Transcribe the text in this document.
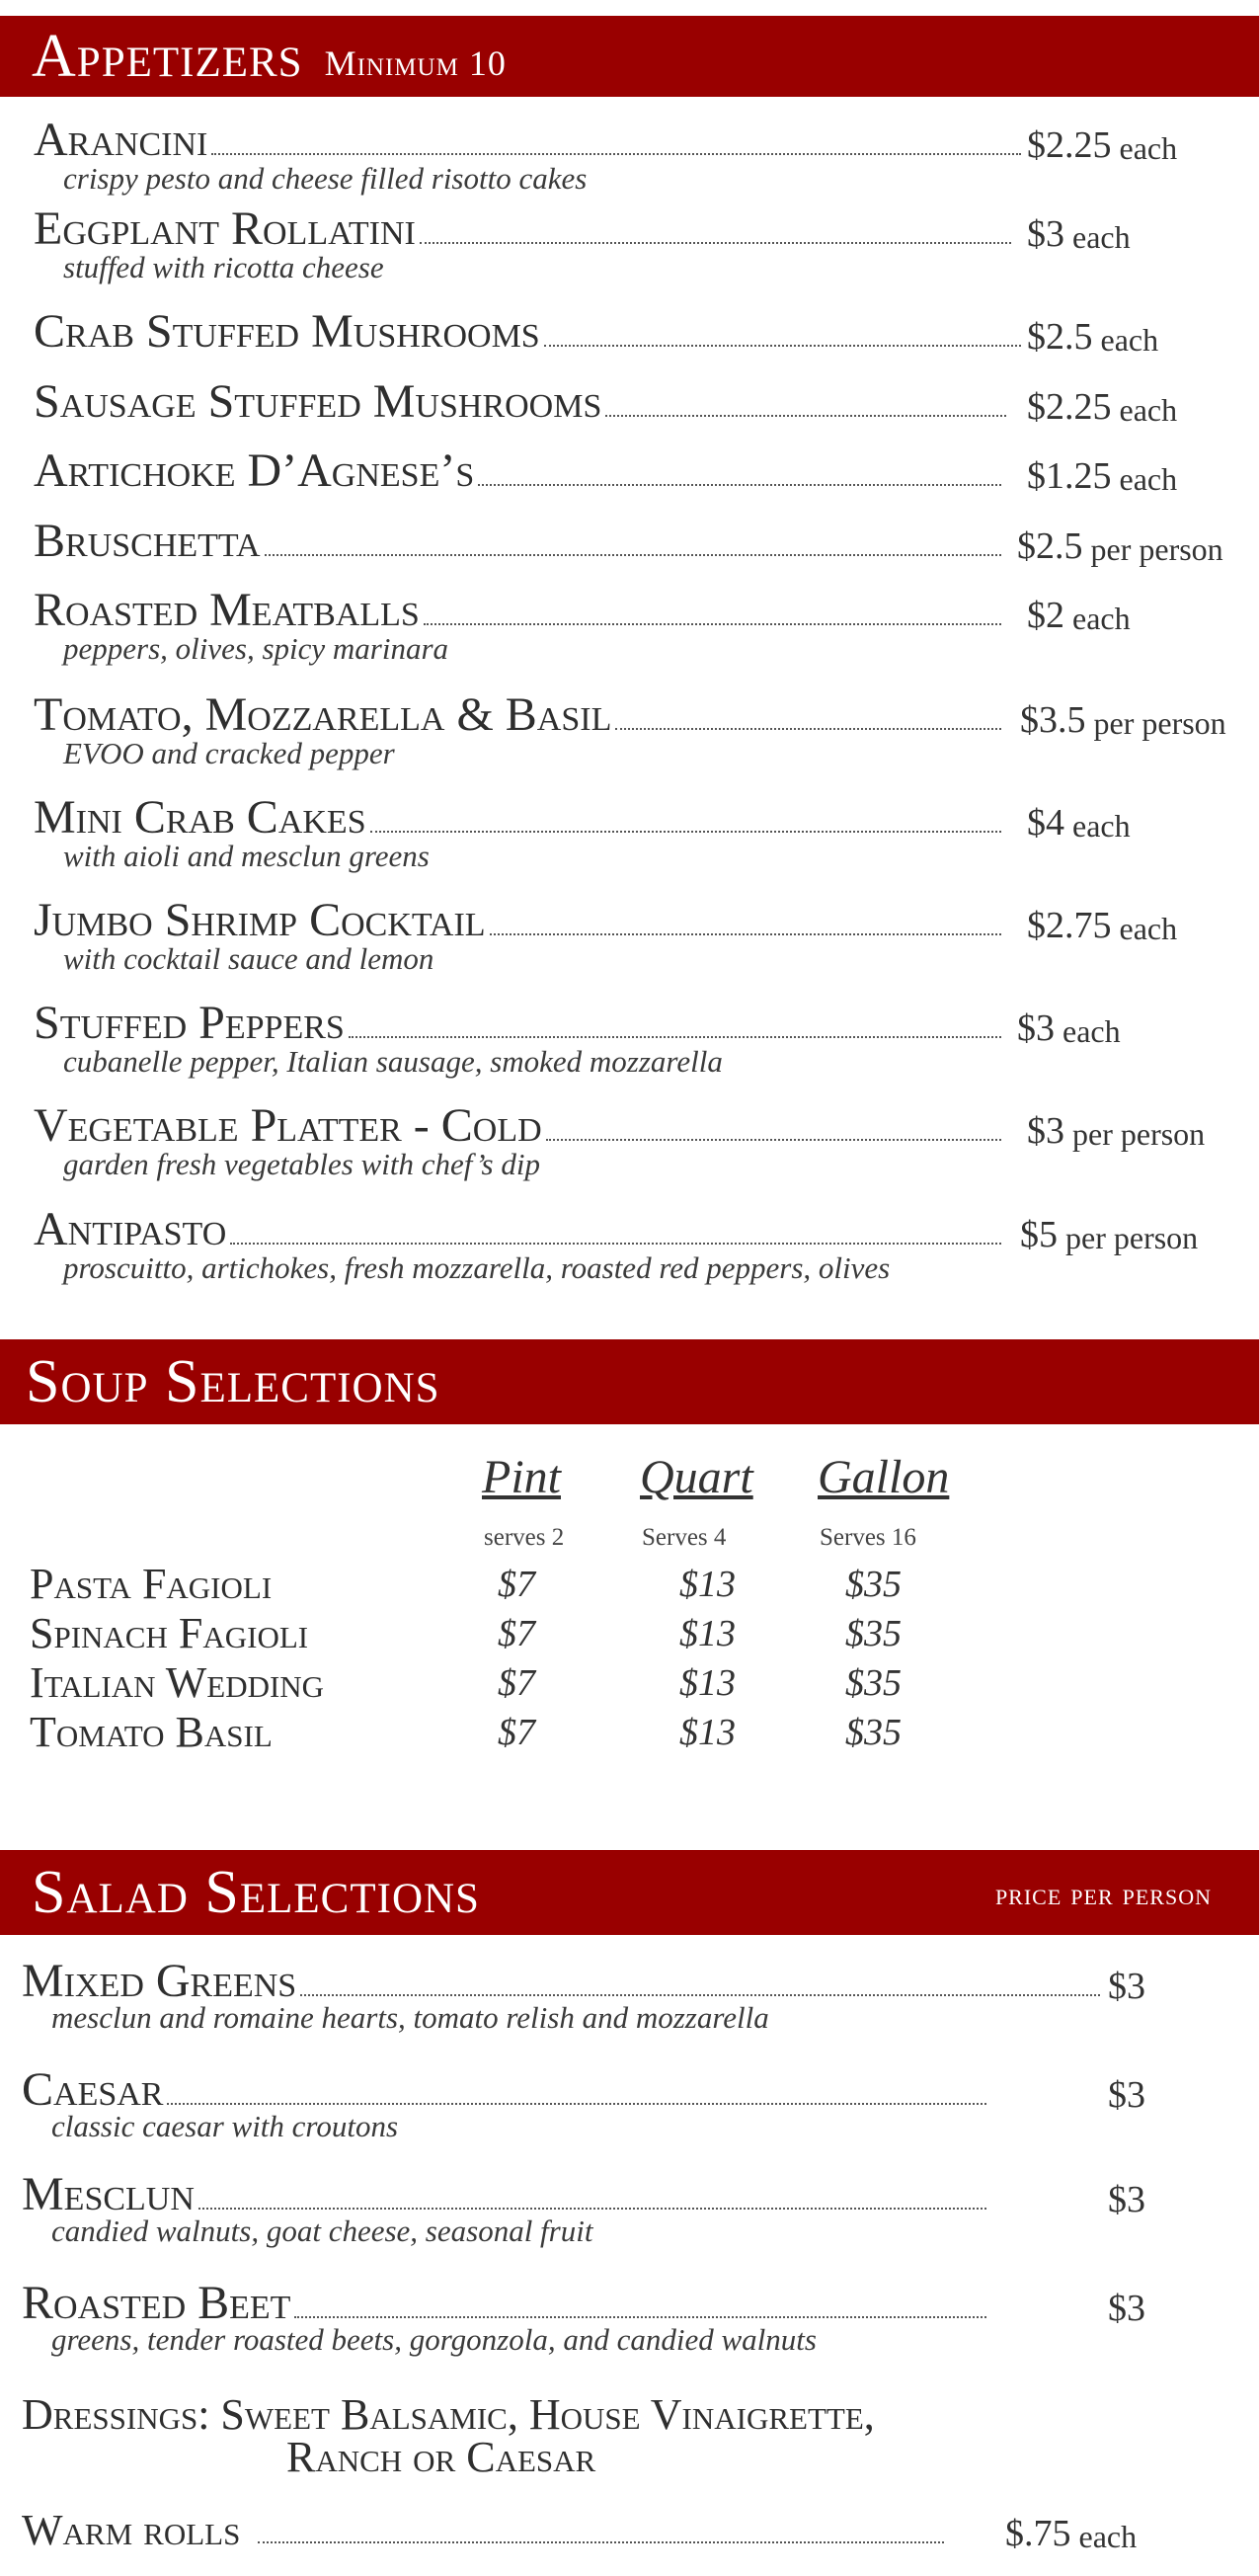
Appetizers Minimum 10
Arancini	$2.25 each
crispy pesto and cheese filled risotto cakes
Eggplant Rollatini	$3 each
stuffed with ricotta cheese
Crab Stuffed Mushrooms	$2.5 each
Sausage Stuffed Mushrooms	$2.25 each
Artichoke D’Agnese’s	$1.25 each
Bruschetta	$2.5 per person
Roasted Meatballs	$2 each
peppers, olives, spicy marinara
Tomato, Mozzarella & Basil	$3.5 per person
EVOO and cracked pepper
Mini Crab Cakes	$4 each
with aioli and mesclun greens
Jumbo Shrimp Cocktail	$2.75 each
with cocktail sauce and lemon
Stuffed Peppers	$3 each
cubanelle pepper, Italian sausage, smoked mozzarella
Vegetable Platter - Cold	$3 per person
garden fresh vegetables with chef’s dip
Antipasto	$5 per person
proscuitto, artichokes, fresh mozzarella, roasted red peppers, olives
Soup Selections
Pint
serves 2
Quart
Serves 4
Gallon
Serves 16
Pasta Fagioli	$7	$13	$35
Spinach Fagioli	$7	$13	$35
Italian Wedding	$7	$13	$35
Tomato Basil	$7	$13	$35
Salad Selections	price per person
Mixed Greens	$3
mesclun and romaine hearts, tomato relish and mozzarella
Caesar	$3
classic caesar with croutons
Mesclun	$3
candied walnuts, goat cheese, seasonal fruit
Roasted Beet	$3
greens, tender roasted beets, gorgonzola, and candied walnuts
Dressings: Sweet Balsamic, House Vinaigrette,
Ranch or Caesar
Warm rolls	$.75 each
